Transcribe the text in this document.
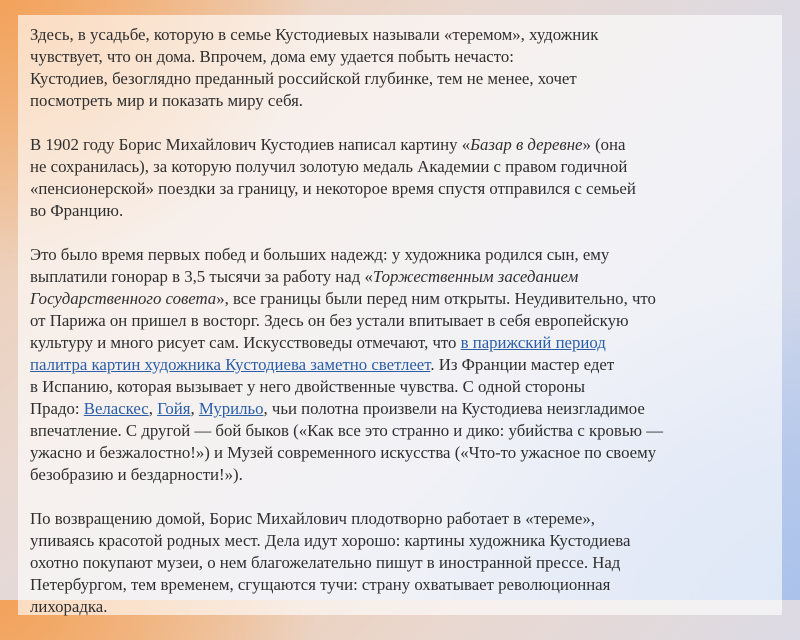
Здесь, в усадьбе, которую в семье Кустодиевых называли «теремом», художник
чувствует, что он дома. Впрочем, дома ему удается побыть нечасто:
Кустодиев, безоглядно преданный российской глубинке, тем не менее, хочет
посмотреть мир и показать миру себя.

В 1902 году Борис Михайлович Кустодиев написал картину «Базар в деревне» (она
не сохранилась), за которую получил золотую медаль Академии с правом годичной
«пенсионерской» поездки за границу, и некоторое время спустя отправился с семьей
во Францию.

Это было время первых побед и больших надежд: у художника родился сын, ему
выплатили гонорар в 3,5 тысячи за работу над «Торжественным заседанием
Государственного совета», все границы были перед ним открыты. Неудивительно, что
от Парижа он пришел в восторг. Здесь он без устали впитывает в себя европейскую
культуру и много рисует сам. Искусствоведы отмечают, что в парижский период
палитра картин художника Кустодиева заметно светлеет. Из Франции мастер едет
в Испанию, которая вызывает у него двойственные чувства. С одной стороны
Прадо: Веласкес, Гойя, Мурильо, чьи полотна произвели на Кустодиева неизгладимое
впечатление. С другой — бой быков («Как все это странно и дико: убийства с кровью —
ужасно и безжалостно!») и Музей современного искусства («Что-то ужасное по своему
безобразию и бездарности!»).

По возвращению домой, Борис Михайлович плодотворно работает в «тереме»,
упиваясь красотой родных мест. Дела идут хорошо: картины художника Кустодиева
охотно покупают музеи, о нем благожелательно пишут в иностранной прессе. Над
Петербургом, тем временем, сгущаются тучи: страну охватывает революционная
лихорадка.
